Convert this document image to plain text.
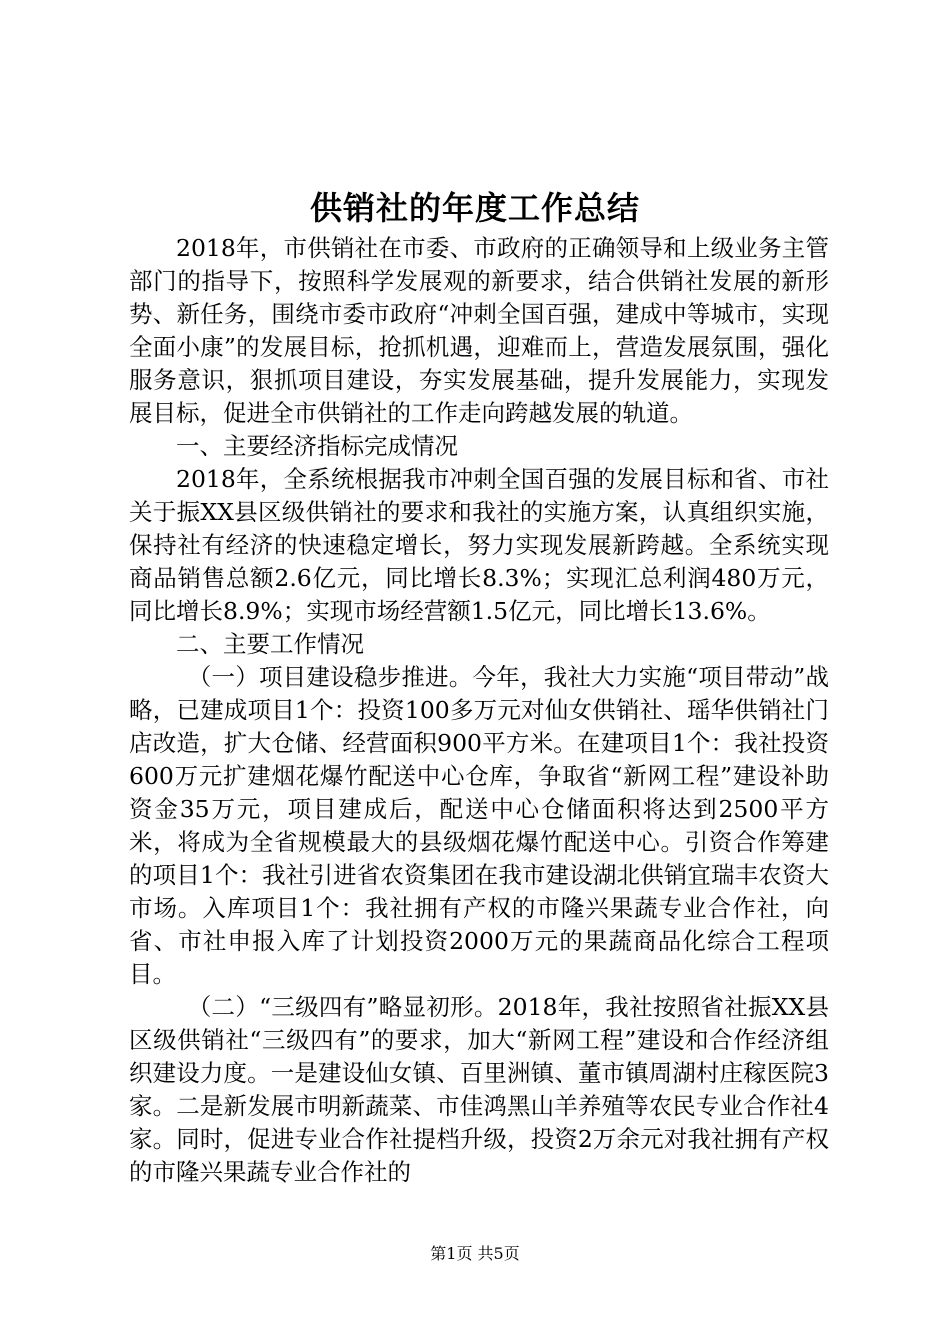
供销社的年度工作总结

2018年，市供销社在市委、市政府的正确领导和上级业务主管部门的指导下，按照科学发展观的新要求，结合供销社发展的新形势、新任务，围绕市委市政府“冲刺全国百强，建成中等城市，实现全面小康”的发展目标，抢抓机遇，迎难而上，营造发展氛围，强化服务意识，狠抓项目建设，夯实发展基础，提升发展能力，实现发展目标，促进全市供销社的工作走向跨越发展的轨道。

一、主要经济指标完成情况

2018年，全系统根据我市冲刺全国百强的发展目标和省、市社关于振XX县区级供销社的要求和我社的实施方案，认真组织实施，保持社有经济的快速稳定增长，努力实现发展新跨越。全系统实现商品销售总额2.6亿元，同比增长8.3%；实现汇总利润480万元，同比增长8.9%；实现市场经营额1.5亿元，同比增长13.6%。

二、主要工作情况

（一）项目建设稳步推进。今年，我社大力实施“项目带动”战略，已建成项目1个：投资100多万元对仙女供销社、瑶华供销社门店改造，扩大仓储、经营面积900平方米。在建项目1个：我社投资600万元扩建烟花爆竹配送中心仓库，争取省“新网工程”建设补助资金35万元，项目建成后，配送中心仓储面积将达到2500平方米，将成为全省规模最大的县级烟花爆竹配送中心。引资合作筹建的项目1个：我社引进省农资集团在我市建设湖北供销宜瑞丰农资大市场。入库项目1个：我社拥有产权的市隆兴果蔬专业合作社，向省、市社申报入库了计划投资2000万元的果蔬商品化综合工程项目。

（二）“三级四有”略显初形。2018年，我社按照省社振XX县区级供销社“三级四有”的要求，加大“新网工程”建设和合作经济组织建设力度。一是建设仙女镇、百里洲镇、董市镇周湖村庄稼医院3家。二是新发展市明新蔬菜、市佳鸿黑山羊养殖等农民专业合作社4家。同时，促进专业合作社提档升级，投资2万余元对我社拥有产权的市隆兴果蔬专业合作社的

第1页 共5页
